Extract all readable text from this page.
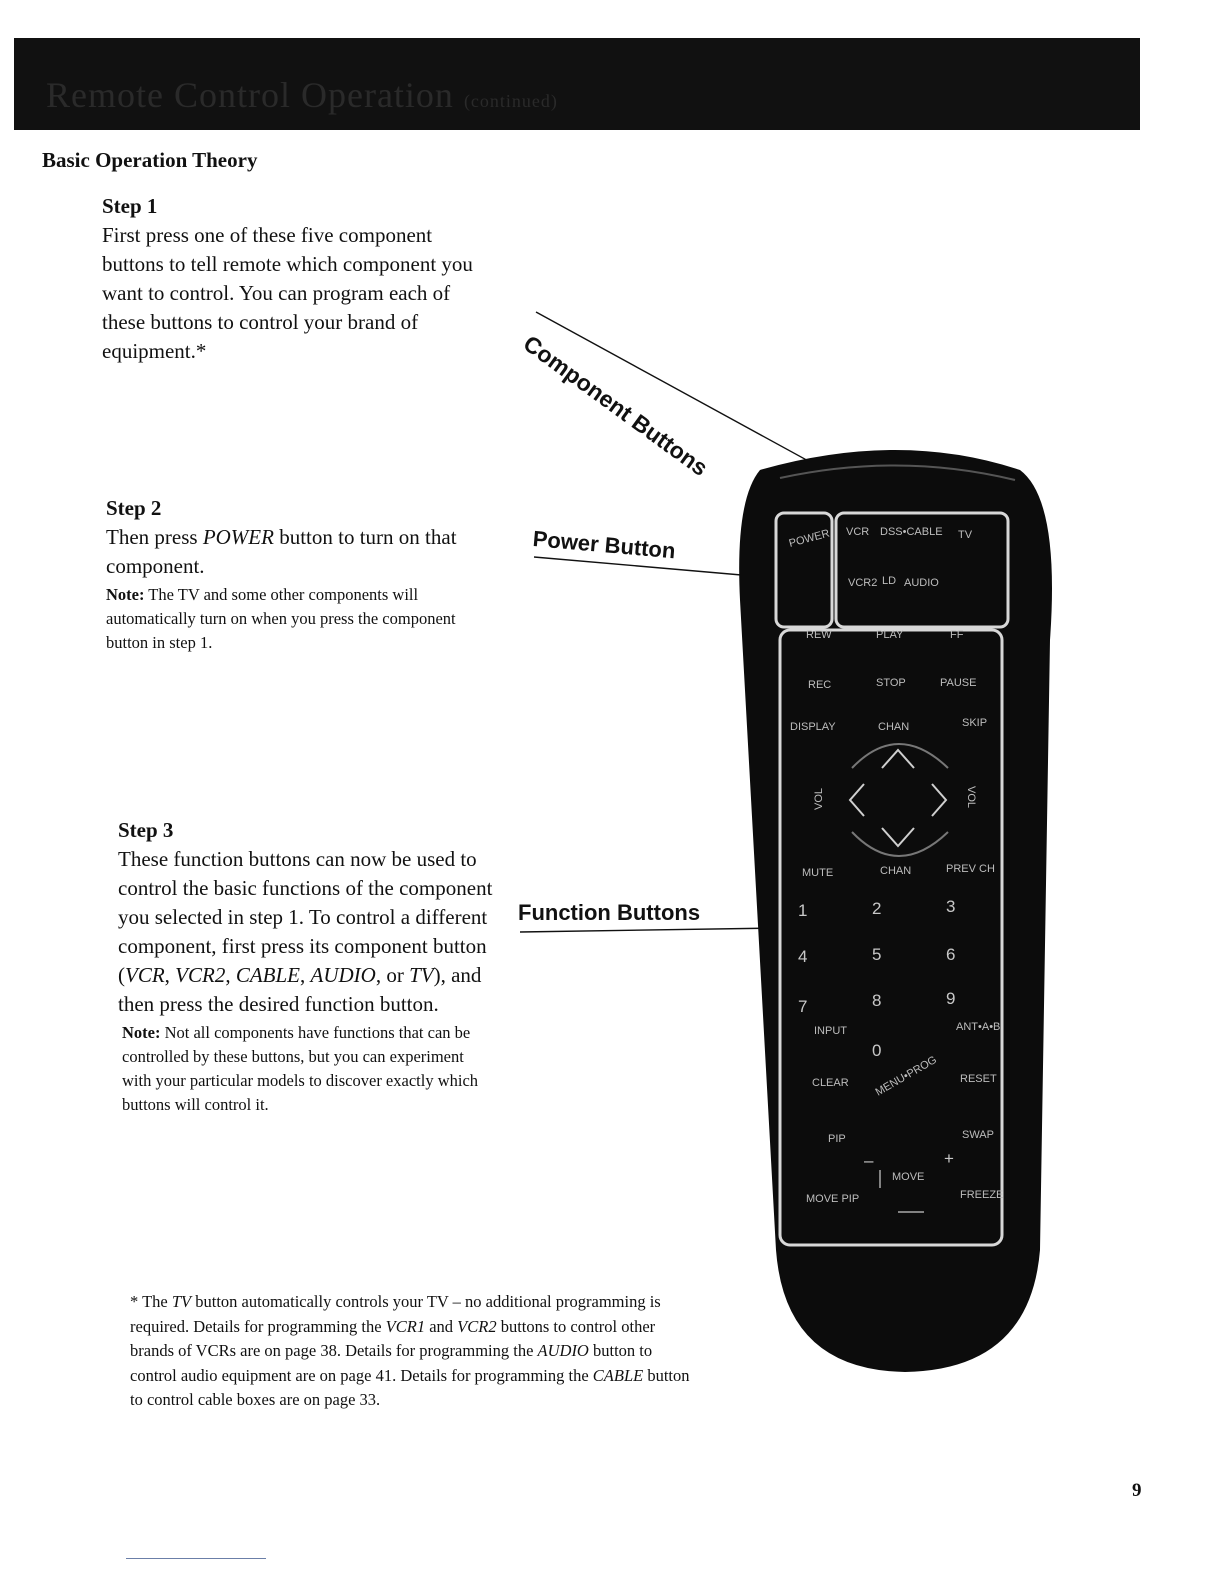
Remote Control Operation (continued)
Basic Operation Theory
Step 1
First press one of these five component buttons to tell remote which component you want to control. You can program each of these buttons to control your brand of equipment.*
Step 2
Then press POWER button to turn on that component.
Note: The TV and some other components will automatically turn on when you press the component button in step 1.
Step 3
These function buttons can now be used to control the basic functions of the component you selected in step 1. To control a different component, first press its component button (VCR, VCR2, CABLE, AUDIO, or TV), and then press the desired function button.
Note: Not all components have functions that can be controlled by these buttons, but you can experiment with your particular models to discover exactly which buttons will control it.
Component Buttons
Power Button
Function Buttons
POWER VCR DSS•CABLE TV
VCR2 LD AUDIO
REW	PLAY	FF
REC	STOP	PAUSE
DISPLAY	CHAN	SKIP
VOL	VOL
MUTE	CHAN	PREV CH
1	2	3
4	5	6
7	8	9
0
INPUT	ANT•A•B
CLEAR MENU•PROG RESET
PIP	SWAP
MOVE
MOVE PIP	FREEZE
–	+
* The TV button automatically controls your TV – no additional programming is required. Details for programming the VCR1 and VCR2 buttons to control other brands of VCRs are on page 38. Details for programming the AUDIO button to control audio equipment are on page 41. Details for programming the CABLE button to control cable boxes are on page 33.
9
